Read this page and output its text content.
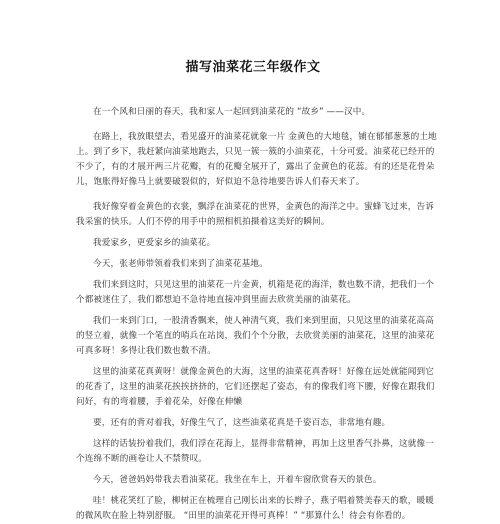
描写油菜花三年级作文

在一个风和日丽的春天，我和家人一起回到油菜花的 “故乡” ——汉中。

在路上，我放眼望去，看见盛开的油菜花就象一片 金黄色的大地毯，铺在郁郁葱葱的土地上。到了乡下，我赶紧向油菜地跑去，只见一簇一簇的小油菜花，十分可爱。油菜花已经开的不少了，有的才展开两三片花瓣，有的花瓣全展开了，露出了金黄色的花蕊。有的还是花骨朵儿，饱胀得好像马上就要破裂似的，好似迫不急待地要告诉人们春天来了。

我好像穿着金黄色的衣裳，飘浮在油菜花的世界，金黄色的海洋之中。蜜蜂飞过来，告诉我采蜜的快乐。人们不停的用手中的照相机拍摄着这美好的瞬间。

我爱家乡，更爱家乡的油菜花。

今天，张老师带领着我们来到了油菜花基地。

我们来到这时，只见这里的油菜花一片金黄，机箱是花的海洋，数也数不清，把我们一个个都被迷住了，我们都想迫不急待地直接冲到里面去欣赏美丽的油菜花。

我们一来到门口，一股清香飘来，使人神清气爽，我们来到里面，只见这里的油菜花高高的竖立着，就像一个笔直的哨兵在站岗，我们个个分散，去欣赏美丽的油菜花，这里的油菜花可真多呀！多得让我们数也数不清。

这里的油菜花真黄呀！就像金黄色的大海，这里的油菜花真香呀！好像在远处就能闻到它的花香了，这里的油菜花挨挨挤挤的，它们还摆起了姿态，有的像我们弯下腰，好像在跟我们问好，有的弯着腰，手着花朵，好像在伸懒

要，还有的背对着我，好像生气了，这些油菜花真是千姿百态，非常地有趣。

这样的话装扮着我们，我们浮在花海上，显得非常精神，再加上这里香气扑鼻，这就像一个连绵不断的画卷让人不禁赞叹。

今天，爸爸妈妈带我去看油菜花。我坐在车上，开着车窗欣赏春天的景色。

哇！桃花笑红了脸，柳树正在梳理自己刚长出来的长辫子，燕子唱着赞美春天的歌，暖暖的微风吹在脸上特别舒服。 “田里的油菜花开得可真棒！” “那算什么！待会有你看的。
